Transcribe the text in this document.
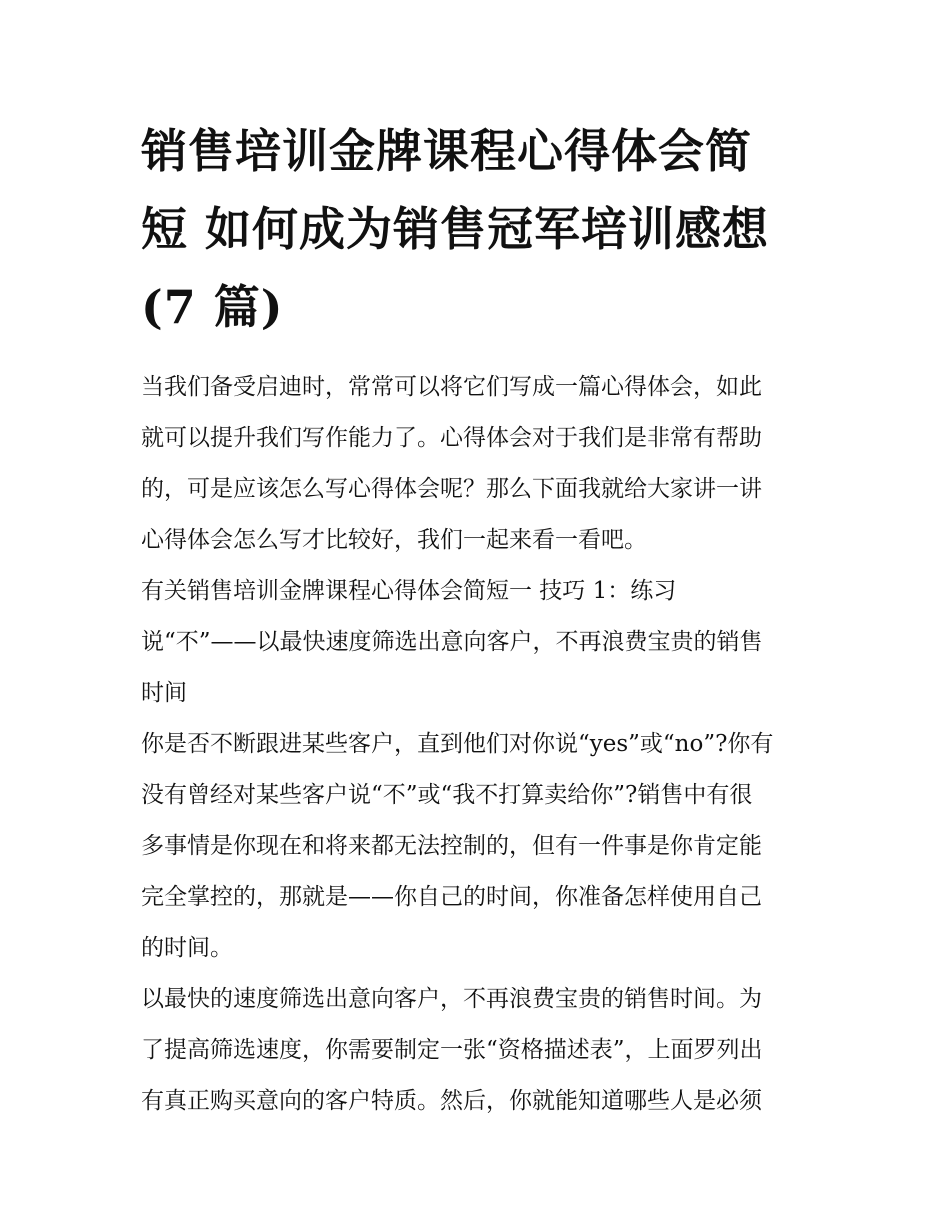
销售培训金牌课程心得体会简
短 如何成为销售冠军培训感想
(7 篇)

当我们备受启迪时，常常可以将它们写成一篇心得体会，如此
就可以提升我们写作能力了。心得体会对于我们是非常有帮助
的，可是应该怎么写心得体会呢？那么下面我就给大家讲一讲
心得体会怎么写才比较好，我们一起来看一看吧。

有关销售培训金牌课程心得体会简短一 技巧 1：练习

说“不”——以最快速度筛选出意向客户，不再浪费宝贵的销售
时间

你是否不断跟进某些客户，直到他们对你说“yes”或“no”?你有
没有曾经对某些客户说“不”或“我不打算卖给你”?销售中有很
多事情是你现在和将来都无法控制的，但有一件事是你肯定能
完全掌控的，那就是——你自己的时间，你准备怎样使用自己
的时间。

以最快的速度筛选出意向客户，不再浪费宝贵的销售时间。为
了提高筛选速度，你需要制定一张“资格描述表”，上面罗列出
有真正购买意向的客户特质。然后，你就能知道哪些人是必须
